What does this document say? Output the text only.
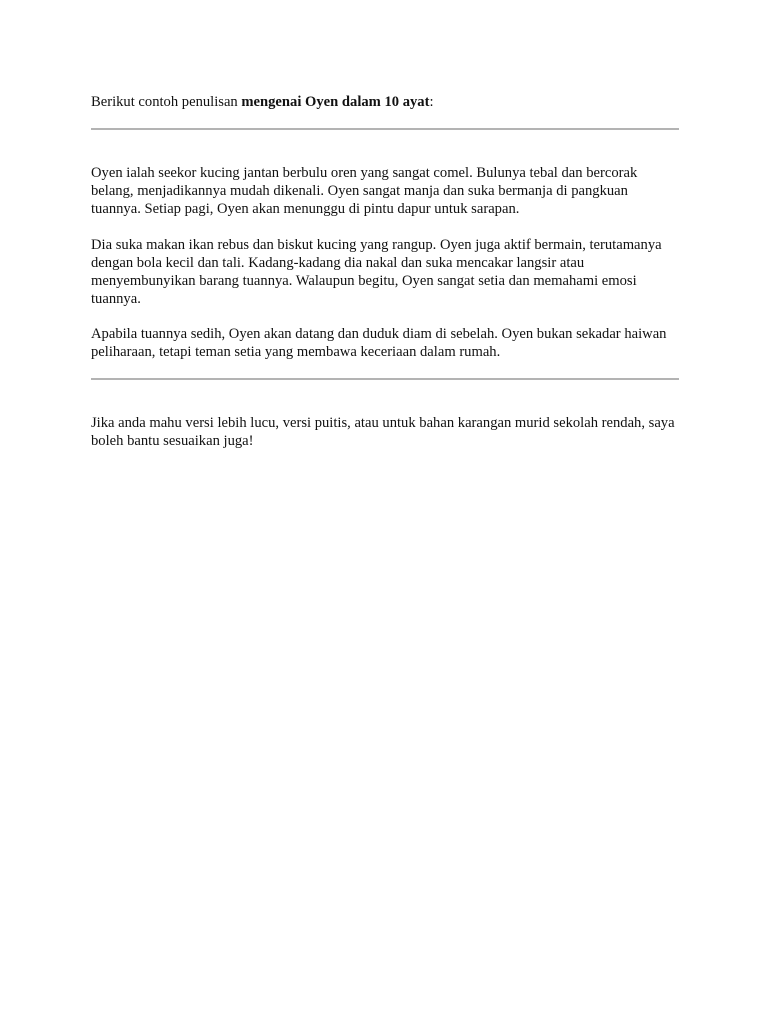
Berikut contoh penulisan mengenai Oyen dalam 10 ayat:

Oyen ialah seekor kucing jantan berbulu oren yang sangat comel. Bulunya tebal dan bercorak belang, menjadikannya mudah dikenali. Oyen sangat manja dan suka bermanja di pangkuan tuannya. Setiap pagi, Oyen akan menunggu di pintu dapur untuk sarapan.

Dia suka makan ikan rebus dan biskut kucing yang rangup. Oyen juga aktif bermain, terutamanya dengan bola kecil dan tali. Kadang-kadang dia nakal dan suka mencakar langsir atau menyembunyikan barang tuannya. Walaupun begitu, Oyen sangat setia dan memahami emosi tuannya.

Apabila tuannya sedih, Oyen akan datang dan duduk diam di sebelah. Oyen bukan sekadar haiwan peliharaan, tetapi teman setia yang membawa keceriaan dalam rumah.

Jika anda mahu versi lebih lucu, versi puitis, atau untuk bahan karangan murid sekolah rendah, saya boleh bantu sesuaikan juga!
